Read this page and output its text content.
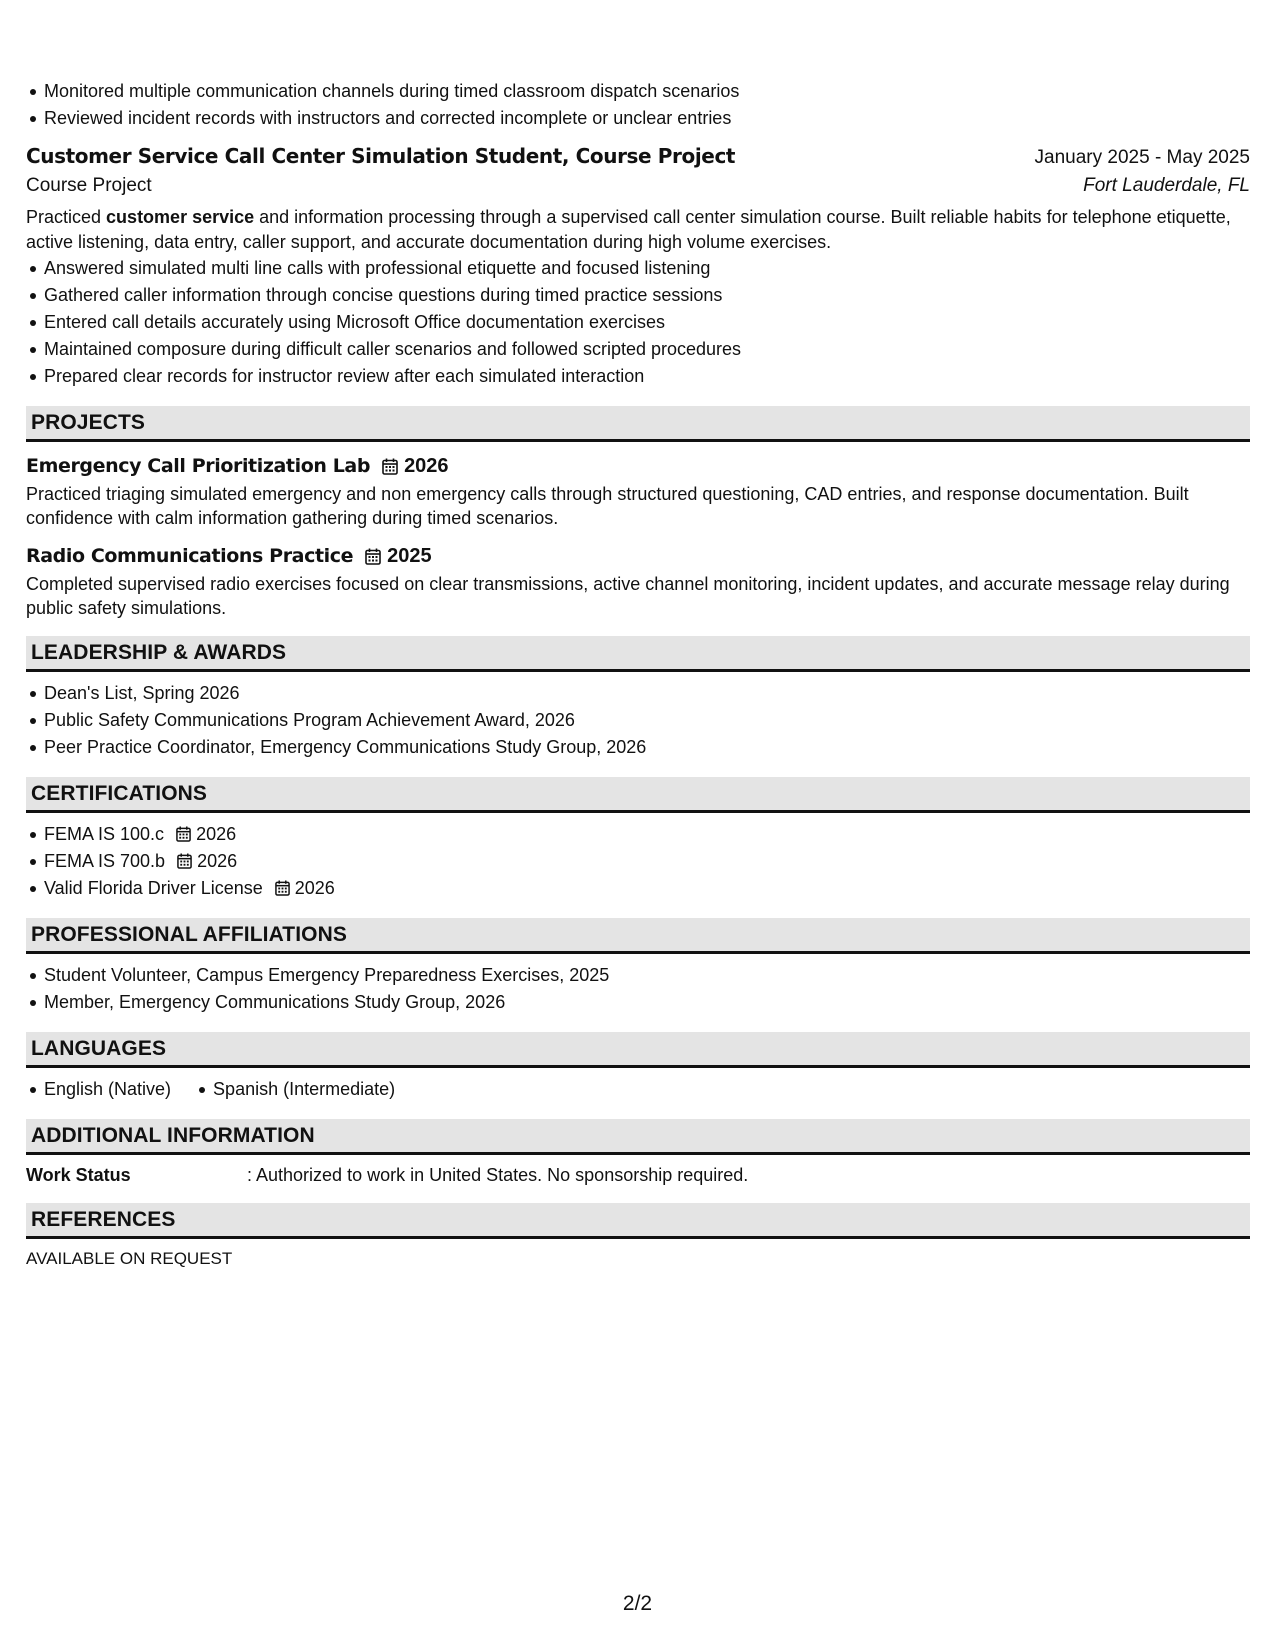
Monitored multiple communication channels during timed classroom dispatch scenarios
Reviewed incident records with instructors and corrected incomplete or unclear entries
Customer Service Call Center Simulation Student, Course Project	January 2025 - May 2025
Course Project	Fort Lauderdale, FL
Practiced customer service and information processing through a supervised call center simulation course. Built reliable habits for telephone etiquette, active listening, data entry, caller support, and accurate documentation during high volume exercises.
Answered simulated multi line calls with professional etiquette and focused listening
Gathered caller information through concise questions during timed practice sessions
Entered call details accurately using Microsoft Office documentation exercises
Maintained composure during difficult caller scenarios and followed scripted procedures
Prepared clear records for instructor review after each simulated interaction
PROJECTS
Emergency Call Prioritization Lab 2026
Practiced triaging simulated emergency and non emergency calls through structured questioning, CAD entries, and response documentation. Built confidence with calm information gathering during timed scenarios.
Radio Communications Practice 2025
Completed supervised radio exercises focused on clear transmissions, active channel monitoring, incident updates, and accurate message relay during public safety simulations.
LEADERSHIP & AWARDS
Dean's List, Spring 2026
Public Safety Communications Program Achievement Award, 2026
Peer Practice Coordinator, Emergency Communications Study Group, 2026
CERTIFICATIONS
FEMA IS 100.c 2026
FEMA IS 700.b 2026
Valid Florida Driver License 2026
PROFESSIONAL AFFILIATIONS
Student Volunteer, Campus Emergency Preparedness Exercises, 2025
Member, Emergency Communications Study Group, 2026
LANGUAGES
English (Native)	Spanish (Intermediate)
ADDITIONAL INFORMATION
Work Status	: Authorized to work in United States. No sponsorship required.
REFERENCES
AVAILABLE ON REQUEST
2/2
